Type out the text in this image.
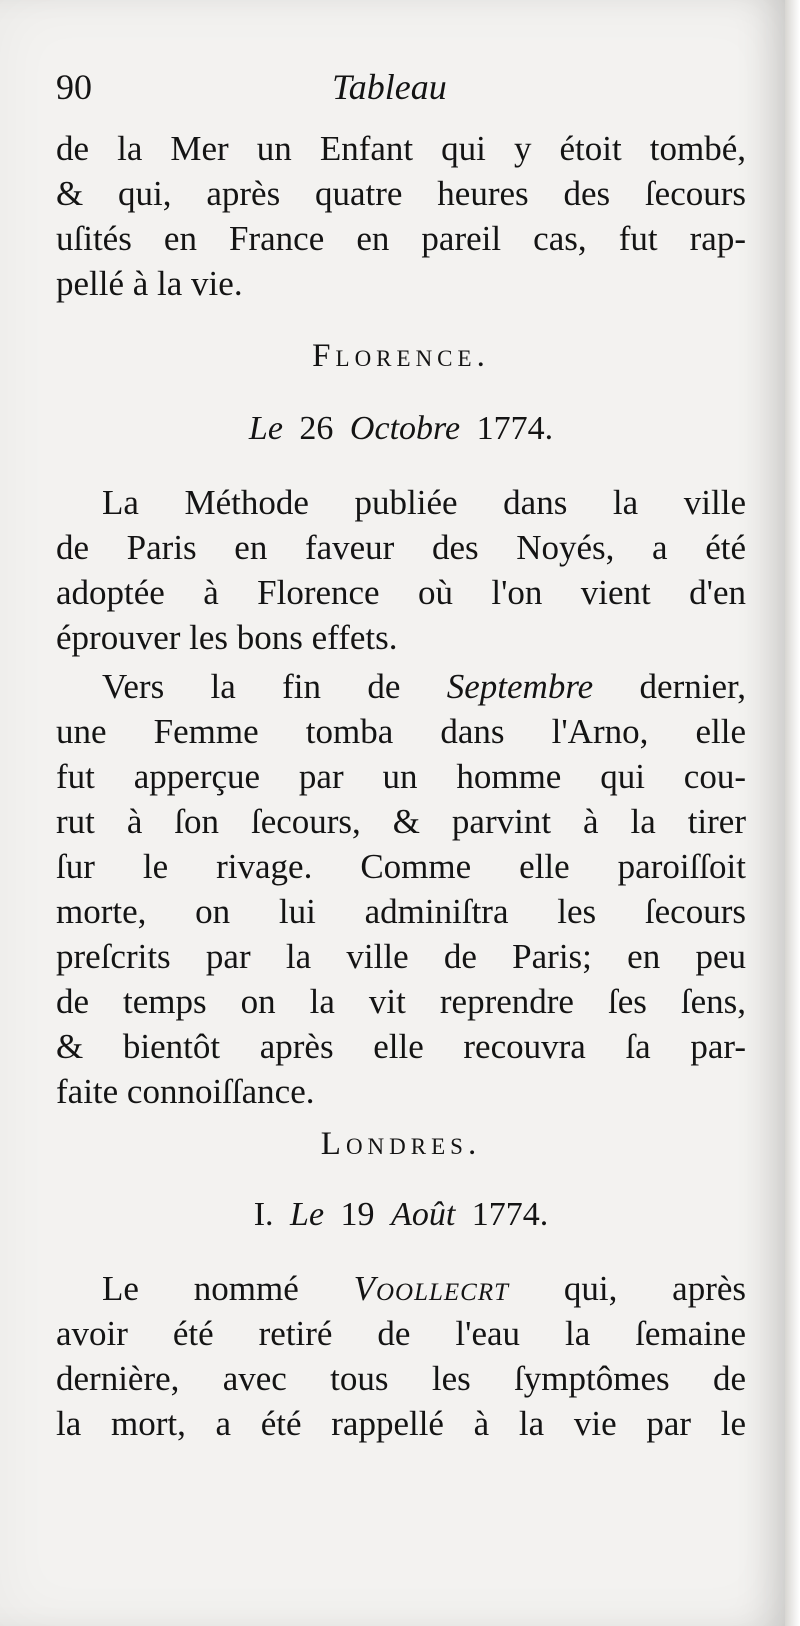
90	Tableau
de la Mer un Enfant qui y étoit tombé,
& qui, après quatre heures des ſecours
uſités en France en pareil cas, fut rap-
pellé à la vie.
Florence.
Le 26 Octobre 1774.
La Méthode publiée dans la ville
de Paris en faveur des Noyés, a été
adoptée à Florence où l'on vient d'en
éprouver les bons effets.
Vers la fin de Septembre dernier,
une Femme tomba dans l'Arno, elle
fut apperçue par un homme qui cou-
rut à ſon ſecours, & parvint à la tirer
ſur le rivage. Comme elle paroiſſoit
morte, on lui adminiſtra les ſecours
preſcrits par la ville de Paris; en peu
de temps on la vit reprendre ſes ſens,
& bientôt après elle recouvra ſa par-
faite connoiſſance.
Londres.
I. Le 19 Août 1774.
Le nommé Voollecrt qui, après
avoir été retiré de l'eau la ſemaine
dernière, avec tous les ſymptômes de
la mort, a été rappellé à la vie par le
